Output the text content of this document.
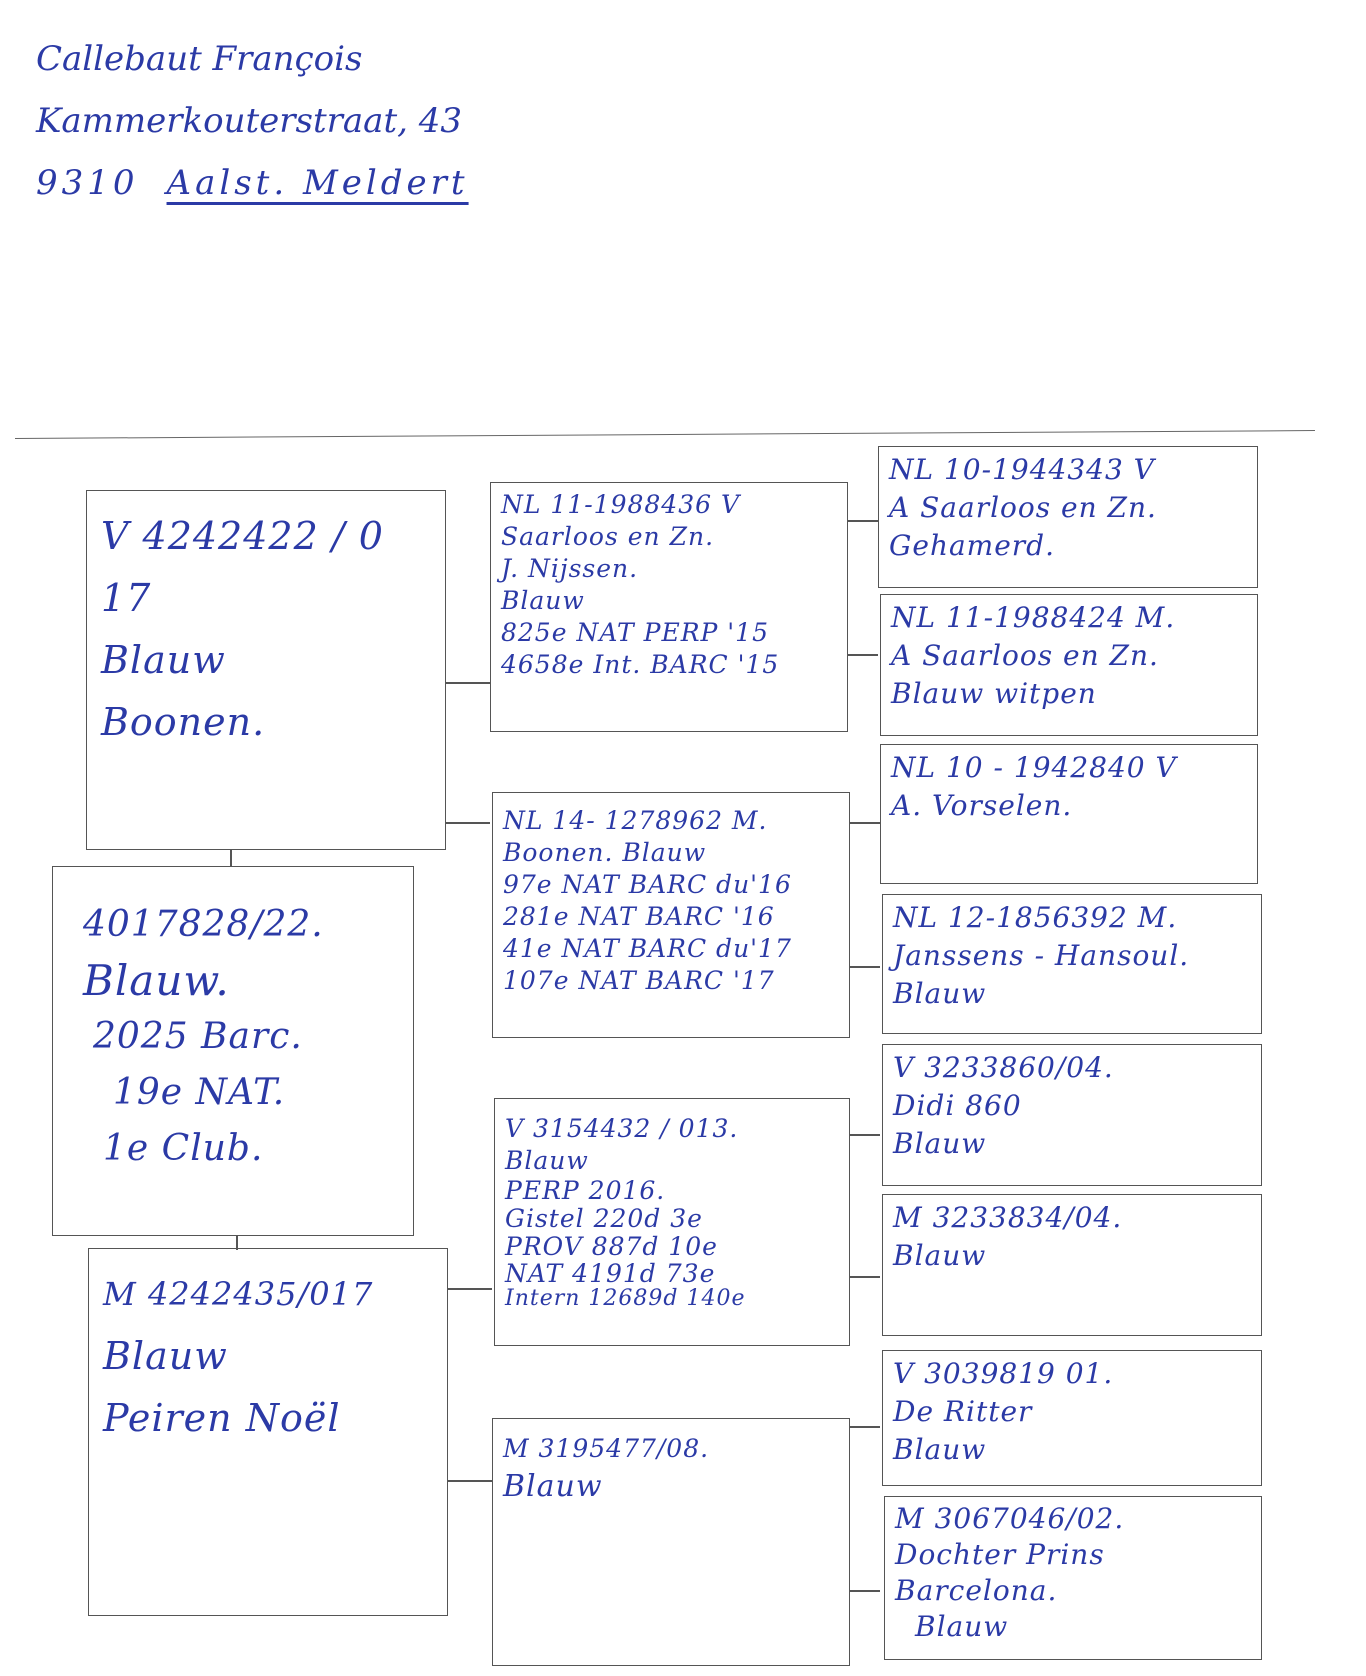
Callebaut François
Kammerkouterstraat, 43
9310 Aalst. Meldert
V 4242422 / 0 17
Blauw
Boonen.
4017828/22.
Blauw.
2025 Barc.
19e NAT.
1e Club.
M 4242435/017
Blauw
Peiren Noël
NL 11-1988436 V
Saarloos en Zn.
J. Nijssen.
Blauw
825e NAT PERP '15
4658e Int. BARC '15
NL 14- 1278962 M.
Boonen. Blauw
97e NAT BARC du'16
281e NAT BARC '16
41e NAT BARC du'17
107e NAT BARC '17
V 3154432 / 013.
Blauw
PERP 2016.
Gistel 220d 3e
PROV 887d 10e
NAT 4191d 73e
Intern 12689d 140e
M 3195477/08.
Blauw
NL 10-1944343 V
A Saarloos en Zn.
Gehamerd.
NL 11-1988424 M.
A Saarloos en Zn.
Blauw witpen
NL 10 - 1942840 V
A. Vorselen.
NL 12-1856392 M.
Janssens - Hansoul.
Blauw
V 3233860/04.
Didi 860
Blauw
M 3233834/04.
Blauw
V 3039819 01.
De Ritter
Blauw
M 3067046/02.
Dochter Prins
Barcelona.
Blauw
